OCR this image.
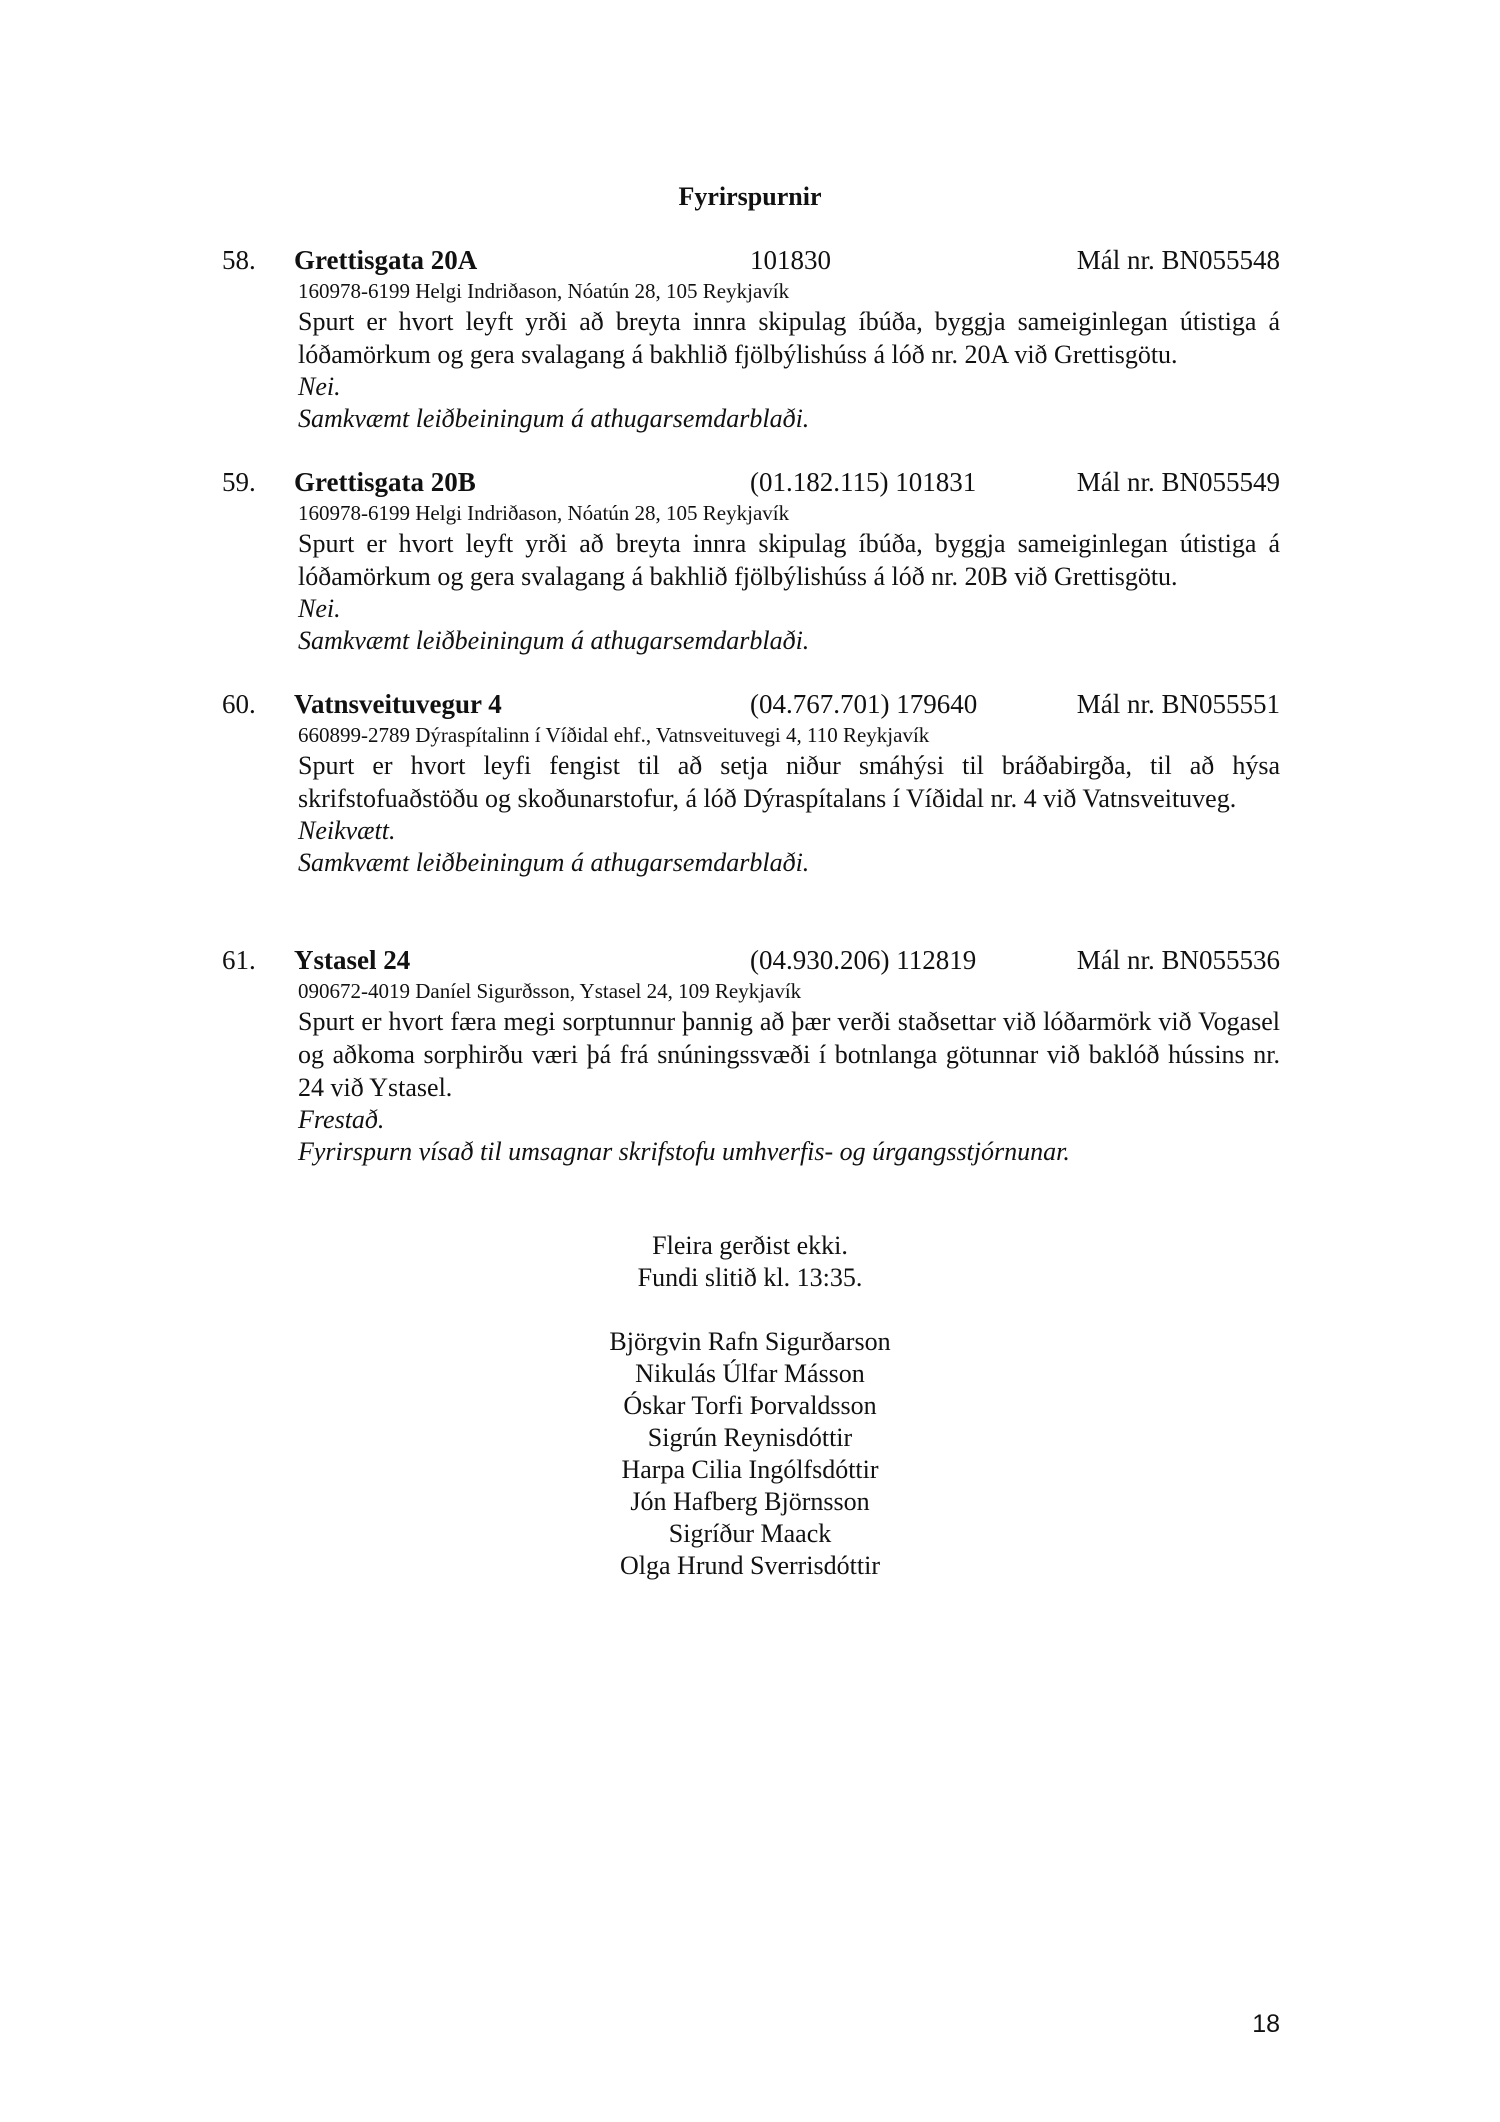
Fyrirspurnir
58. Grettisgata 20A	101830	Mál nr. BN055548
160978-6199 Helgi Indriðason, Nóatún 28, 105 Reykjavík
Spurt er hvort leyft yrði að breyta innra skipulag íbúða, byggja sameiginlegan útistiga á lóðamörkum og gera svalagang á bakhlið fjölbýlishúss á lóð nr. 20A við Grettisgötu.
Nei.
Samkvæmt leiðbeiningum á athugarsemdarblaði.
59. Grettisgata 20B	(01.182.115) 101831	Mál nr. BN055549
160978-6199 Helgi Indriðason, Nóatún 28, 105 Reykjavík
Spurt er hvort leyft yrði að breyta innra skipulag íbúða, byggja sameiginlegan útistiga á lóðamörkum og gera svalagang á bakhlið fjölbýlishúss á lóð nr. 20B við Grettisgötu.
Nei.
Samkvæmt leiðbeiningum á athugarsemdarblaði.
60. Vatnsveituvegur 4	(04.767.701) 179640	Mál nr. BN055551
660899-2789 Dýraspítalinn í Víðidal ehf., Vatnsveituvegi 4, 110 Reykjavík
Spurt er hvort leyfi fengist til að setja niður smáhýsi til bráðabirgða, til að hýsa skrifstofuaðstöðu og skoðunarstofur, á lóð Dýraspítalans í Víðidal nr. 4 við Vatnsveituveg.
Neikvætt.
Samkvæmt leiðbeiningum á athugarsemdarblaði.
61. Ystasel 24	(04.930.206) 112819	Mál nr. BN055536
090672-4019 Daníel Sigurðsson, Ystasel 24, 109 Reykjavík
Spurt er hvort færa megi sorptunnur þannig að þær verði staðsettar við lóðarmörk við Vogasel og aðkoma sorphirðu væri þá frá snúningssvæði í botnlanga götunnar við baklóð hússins nr. 24 við Ystasel.
Frestað.
Fyrirspurn vísað til umsagnar skrifstofu umhverfis- og úrgangsstjórnunar.
Fleira gerðist ekki.
Fundi slitið kl. 13:35.
Björgvin Rafn Sigurðarson
Nikulás Úlfar Másson
Óskar Torfi Þorvaldsson
Sigrún Reynisdóttir
Harpa Cilia Ingólfsdóttir
Jón Hafberg Björnsson
Sigríður Maack
Olga Hrund Sverrisdóttir
18
